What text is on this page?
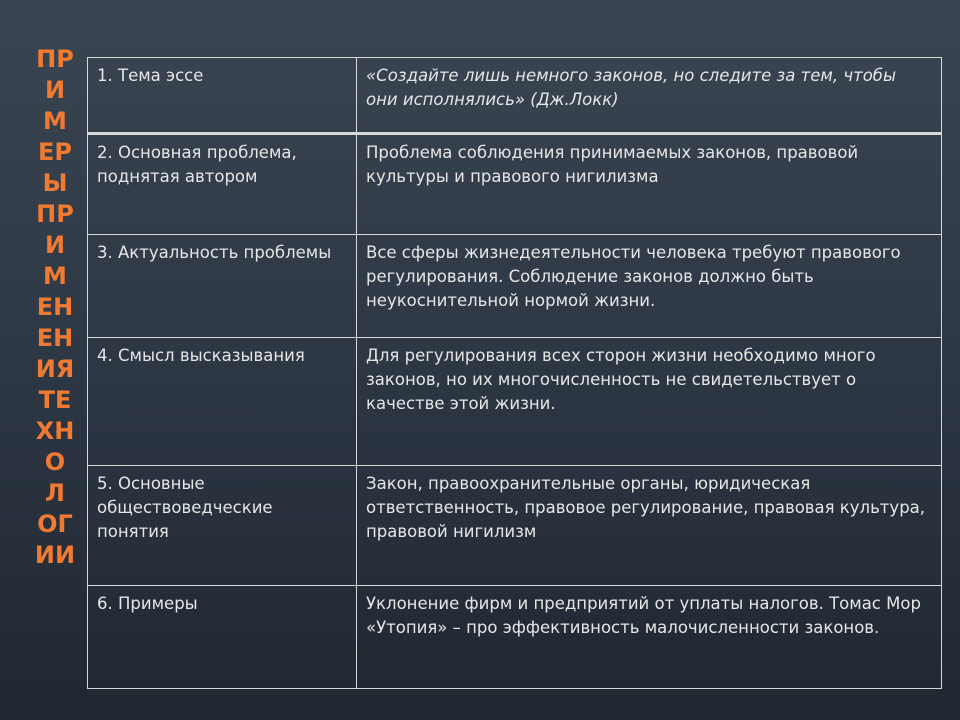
ПР
И
М
ЕР
Ы
ПР
И
М
ЕН
ЕН
ИЯ
ТЕ
ХН
О
Л
ОГ
ИИ
1. Тема эссе	«Создайте лишь немного законов, но следите за тем, чтобы они исполнялись» (Дж.Локк)
2. Основная проблема, поднятая автором	Проблема соблюдения принимаемых законов, правовой культуры и правового нигилизма
3. Актуальность проблемы	Все сферы жизнедеятельности человека требуют правового регулирования. Соблюдение законов должно быть неукоснительной нормой жизни.
4. Смысл высказывания	Для регулирования всех сторон жизни необходимо много законов, но их многочисленность не свидетельствует о качестве этой жизни.
5. Основные обществоведческие понятия	Закон, правоохранительные органы, юридическая ответственность, правовое регулирование, правовая культура, правовой нигилизм
6. Примеры	Уклонение фирм и предприятий от уплаты налогов. Томас Мор «Утопия» – про эффективность малочисленности законов.
